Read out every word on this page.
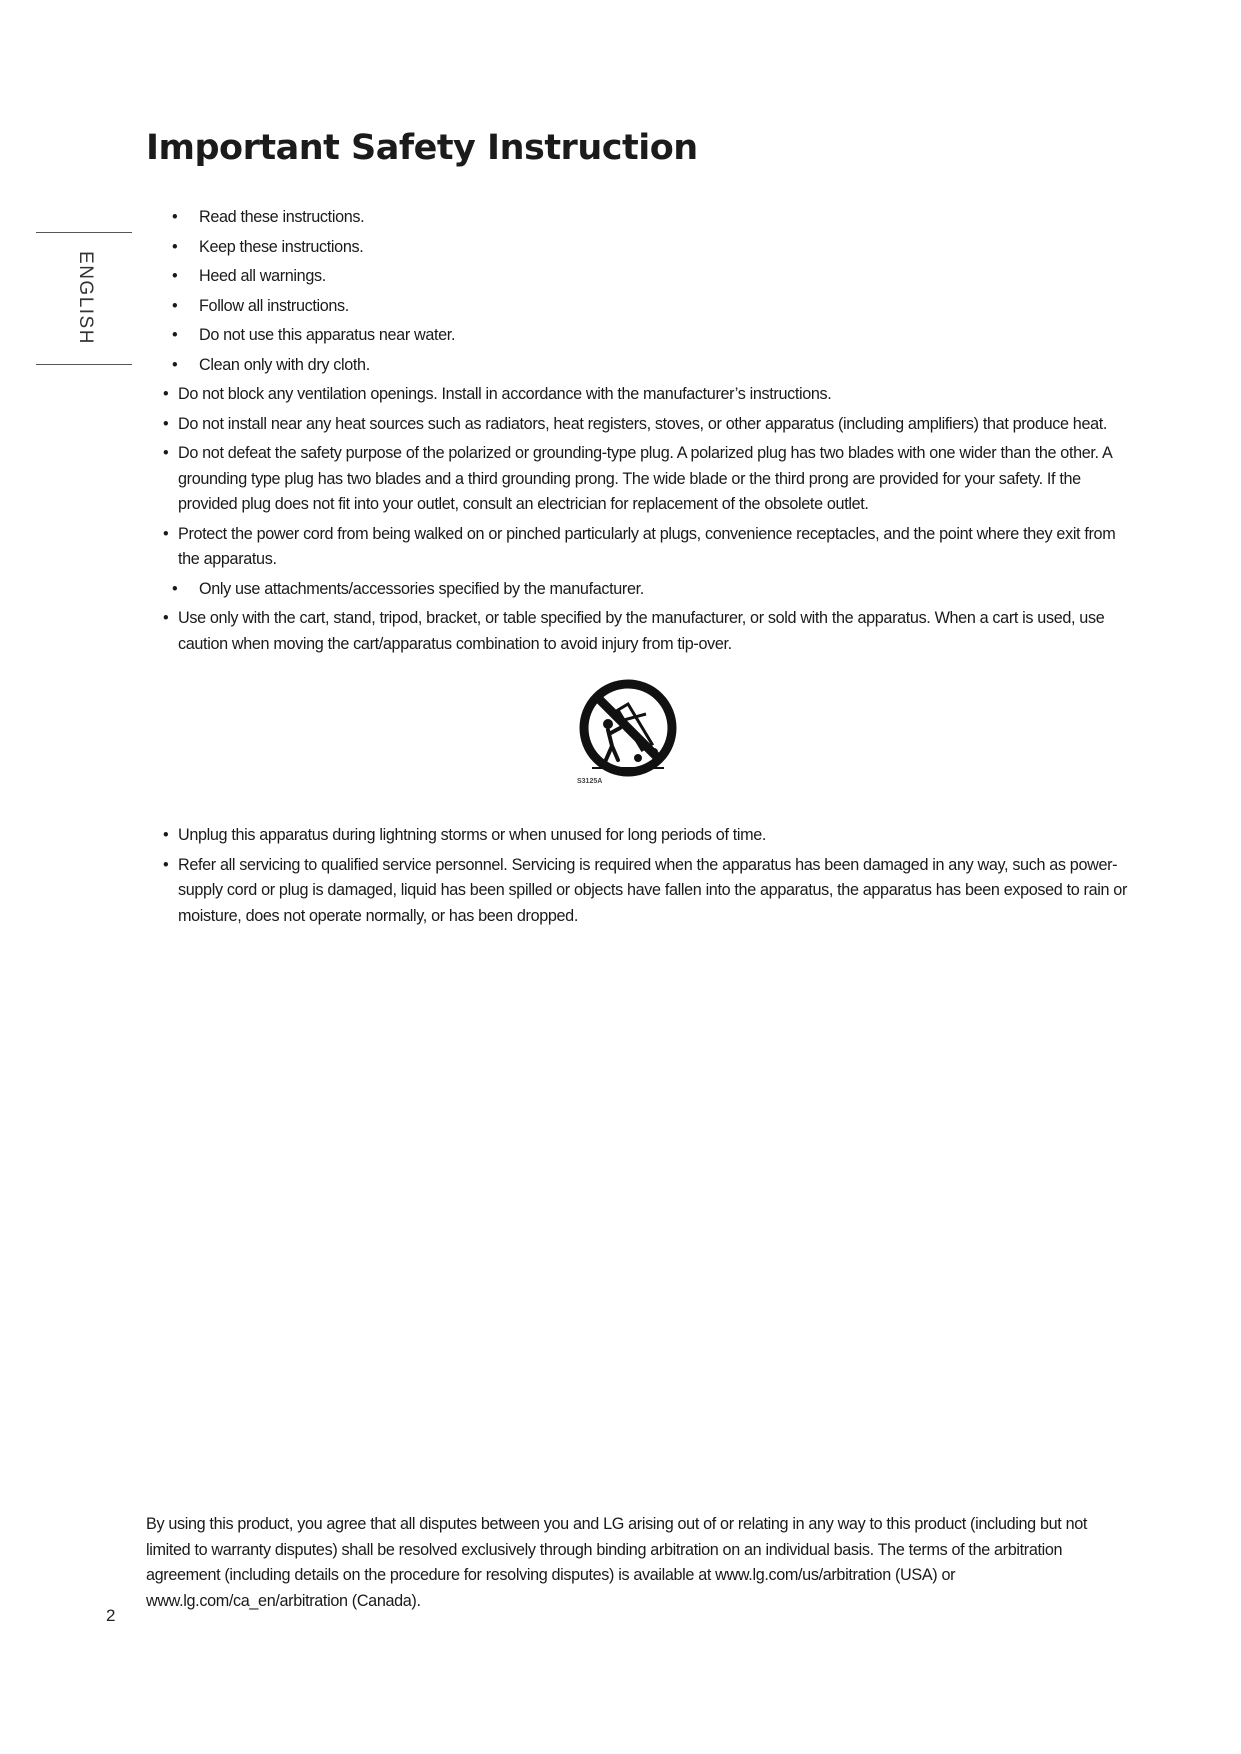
Important Safety Instruction
ENGLISH
• Read these instructions.
• Keep these instructions.
• Heed all warnings.
• Follow all instructions.
• Do not use this apparatus near water.
• Clean only with dry cloth.
• Do not block any ventilation openings. Install in accordance with the manufacturer’s instructions.
• Do not install near any heat sources such as radiators, heat registers, stoves, or other apparatus (including amplifiers) that produce heat.
• Do not defeat the safety purpose of the polarized or grounding-type plug. A polarized plug has two blades with one wider than the other. A grounding type plug has two blades and a third grounding prong. The wide blade or the third prong are provided for your safety. If the provided plug does not fit into your outlet, consult an electrician for replacement of the obsolete outlet.
• Protect the power cord from being walked on or pinched particularly at plugs, convenience receptacles, and the point where they exit from the apparatus.
• Only use attachments/accessories specified by the manufacturer.
• Use only with the cart, stand, tripod, bracket, or table specified by the manufacturer, or sold with the apparatus. When a cart is used, use caution when moving the cart/apparatus combination to avoid injury from tip-over.
S3125A
• Unplug this apparatus during lightning storms or when unused for long periods of time.
• Refer all servicing to qualified service personnel. Servicing is required when the apparatus has been damaged in any way, such as power-supply cord or plug is damaged, liquid has been spilled or objects have fallen into the apparatus, the apparatus has been exposed to rain or moisture, does not operate normally, or has been dropped.

By using this product, you agree that all disputes between you and LG arising out of or relating in any way to this product (including but not limited to warranty disputes) shall be resolved exclusively through binding arbitration on an individual basis. The terms of the arbitration agreement (including details on the procedure for resolving disputes) is available at www.lg.com/us/arbitration (USA) or www.lg.com/ca_en/arbitration (Canada).

2
